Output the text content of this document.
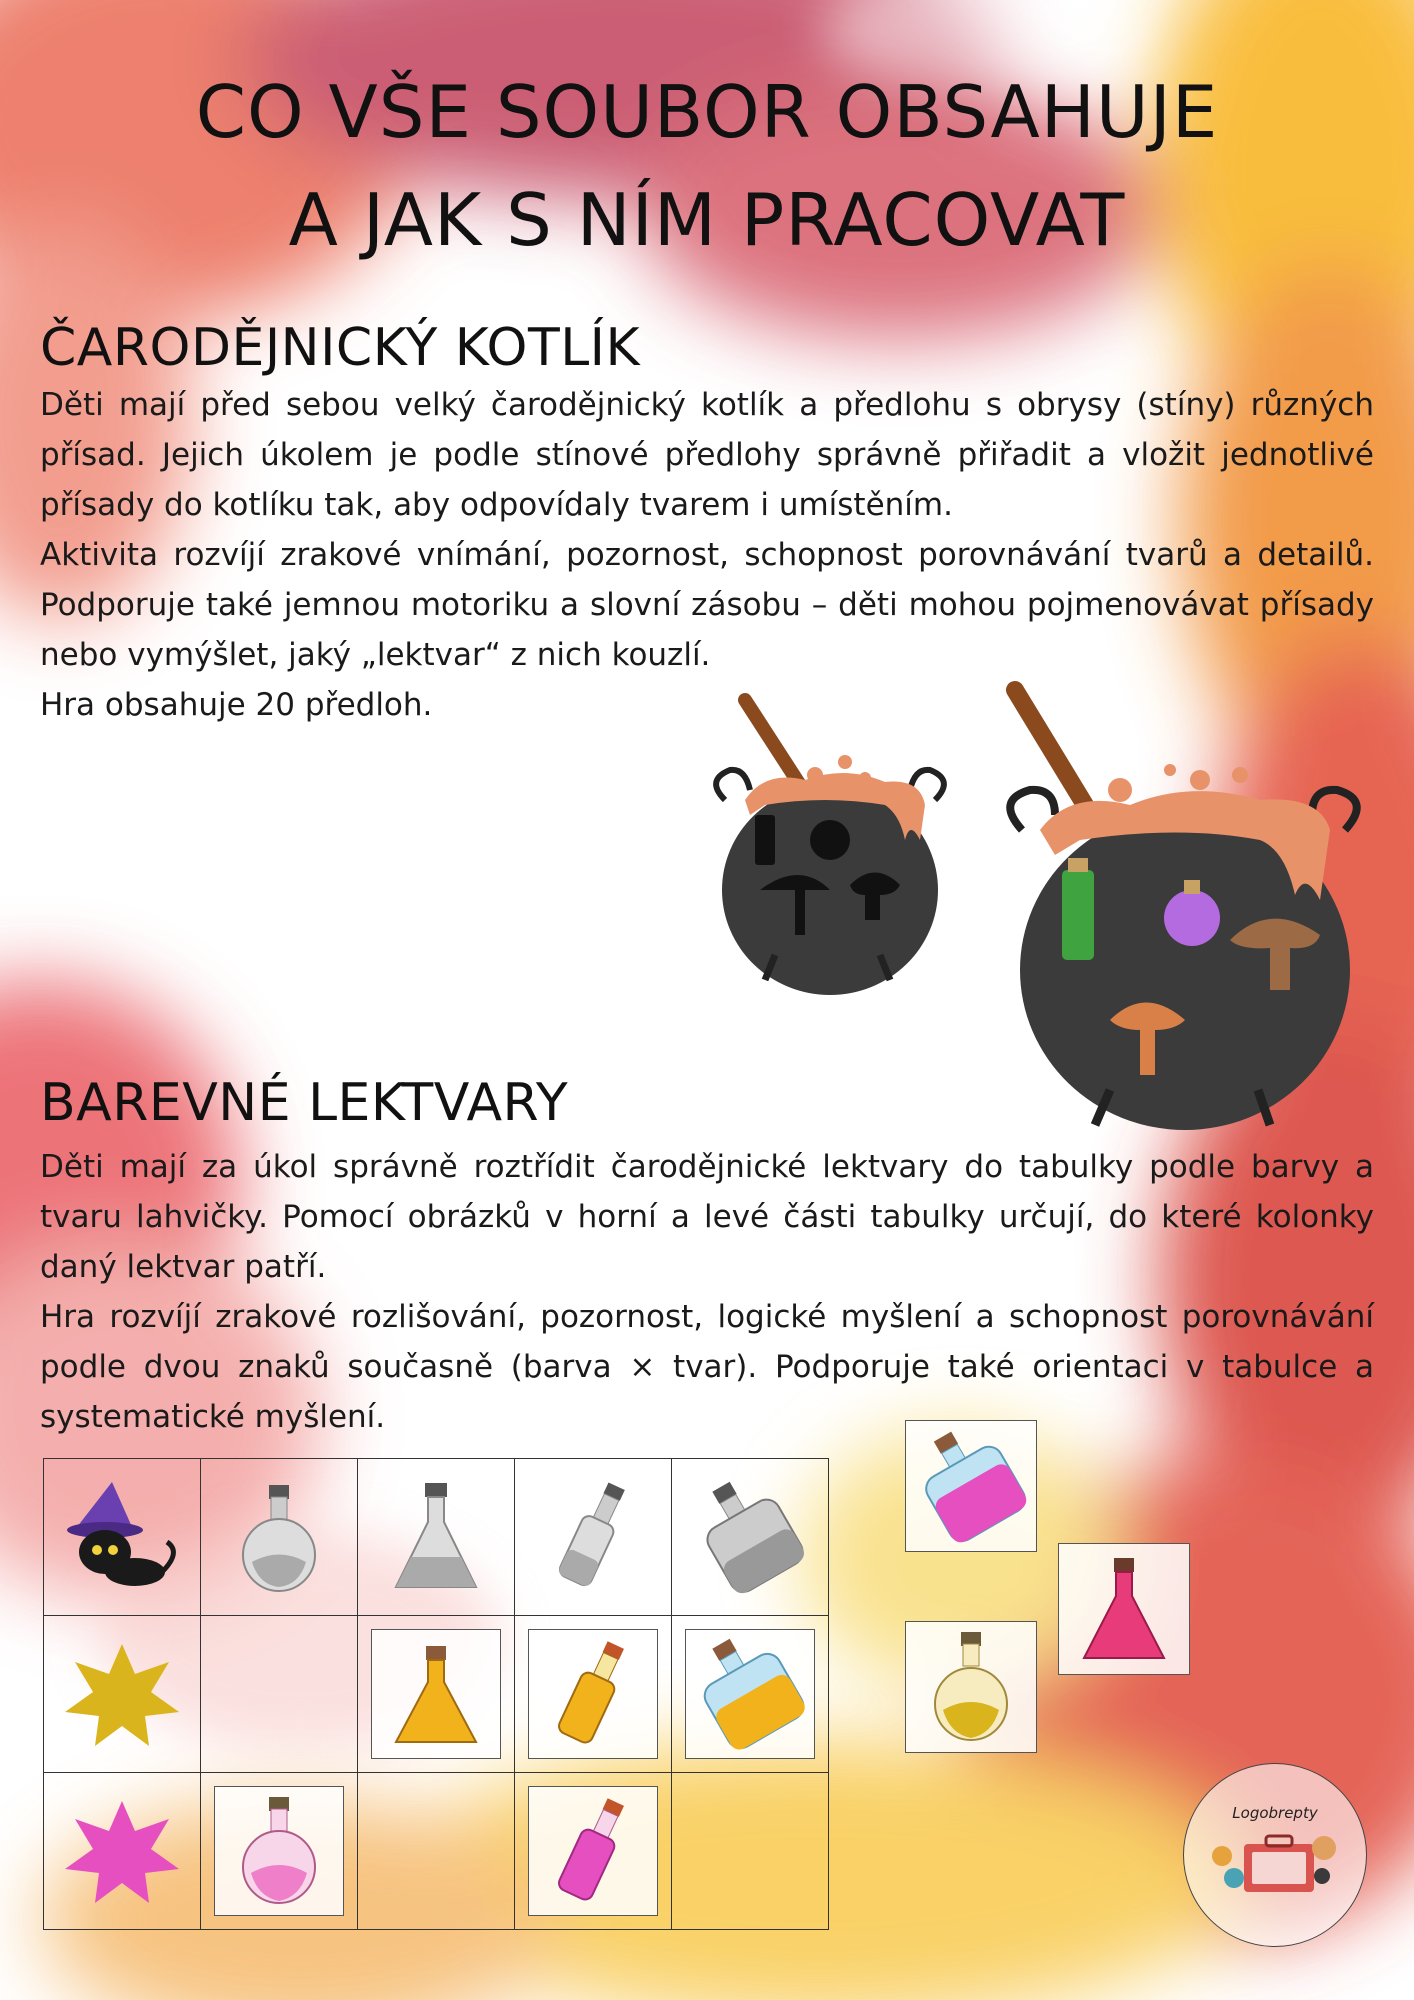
CO VŠE SOUBOR OBSAHUJE
A JAK S NÍM PRACOVAT
ČARODĚJNICKÝ KOTLÍK

Děti mají před sebou velký čarodějnický kotlík a předlohu s obrysy (stíny) různých přísad. Jejich úkolem je podle stínové předlohy správně přiřadit a vložit jednotlivé přísady do kotlíku tak, aby odpovídaly tvarem i umístěním.

Aktivita rozvíjí zrakové vnímání, pozornost, schopnost porovnávání tvarů a detailů. Podporuje také jemnou motoriku a slovní zásobu – děti mohou pojmenovávat přísady nebo vymýšlet, jaký „lektvar“ z nich kouzlí.

Hra obsahuje 20 předloh.

BAREVNÉ LEKTVARY

Děti mají za úkol správně roztřídit čarodějnické lektvary do tabulky podle barvy a tvaru lahvičky. Pomocí obrázků v horní a levé části tabulky určují, do které kolonky daný lektvar patří.

Hra rozvíjí zrakové rozlišování, pozornost, logické myšlení a schopnost porovnávání podle dvou znaků současně (barva × tvar). Podporuje také orientaci v tabulce a systematické myšlení.

Logobrepty
